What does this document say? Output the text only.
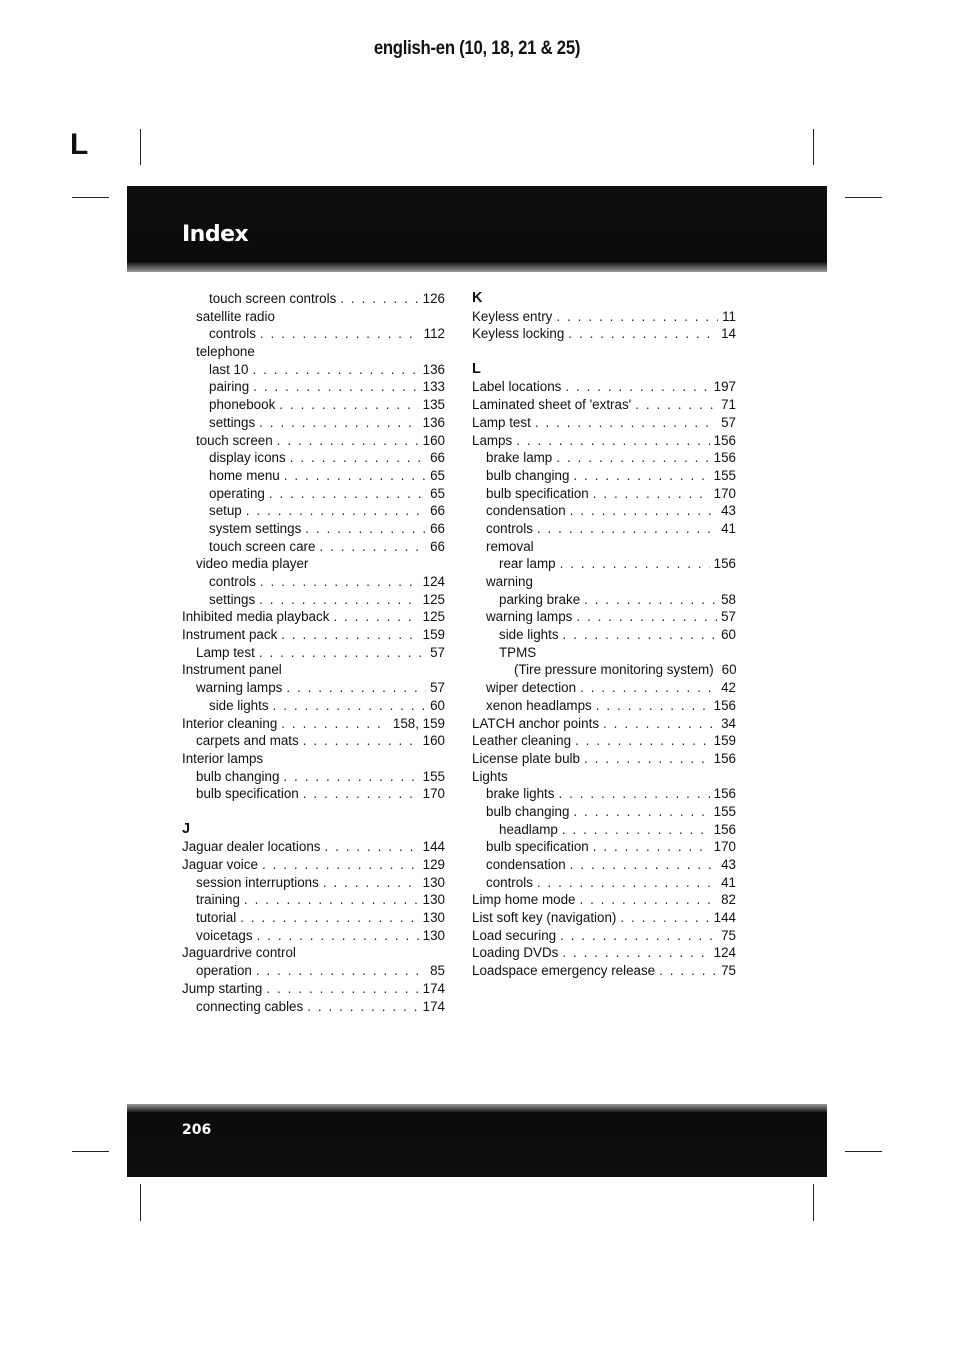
english-en (10, 18, 21 & 25)
L
Index
touch screen controls . . .	126
satellite radio
controls . . .	112
telephone
last 10 . . .	136
pairing . . .	133
phonebook . . .	135
settings . . .	136
touch screen . . .	160
display icons . . .	66
home menu . . .	65
operating . . .	65
setup . . .	66
system settings . . .	66
touch screen care . . .	66
video media player
controls . . .	124
settings . . .	125
Inhibited media playback . . .	125
Instrument pack . . .	159
Lamp test . . .	57
Instrument panel
warning lamps . . .	57
side lights . . .	60
Interior cleaning . . .	158, 159
carpets and mats . . .	160
Interior lamps
bulb changing . . .	155
bulb specification . . .	170
J
Jaguar dealer locations . . .	144
Jaguar voice . . .	129
session interruptions . . .	130
training . . .	130
tutorial . . .	130
voicetags . . .	130
Jaguardrive control
operation . . .	85
Jump starting . . .	174
connecting cables . . .	174
K
Keyless entry . . .	11
Keyless locking . . .	14
L
Label locations . . .	197
Laminated sheet of 'extras' . . .	71
Lamp test . . .	57
Lamps . . .	156
brake lamp . . .	156
bulb changing . . .	155
bulb specification . . .	170
condensation . . .	43
controls . . .	41
removal
rear lamp . . .	156
warning
parking brake . . .	58
warning lamps . . .	57
side lights . . .	60
TPMS
(Tire pressure monitoring system) 60
wiper detection . . .	42
xenon headlamps . . .	156
LATCH anchor points . . .	34
Leather cleaning . . .	159
License plate bulb . . .	156
Lights
brake lights . . .	156
bulb changing . . .	155
headlamp . . .	156
bulb specification . . .	170
condensation . . .	43
controls . . .	41
Limp home mode . . .	82
List soft key (navigation) . . .	144
Load securing . . .	75
Loading DVDs . . .	124
Loadspace emergency release . . .	75
206
